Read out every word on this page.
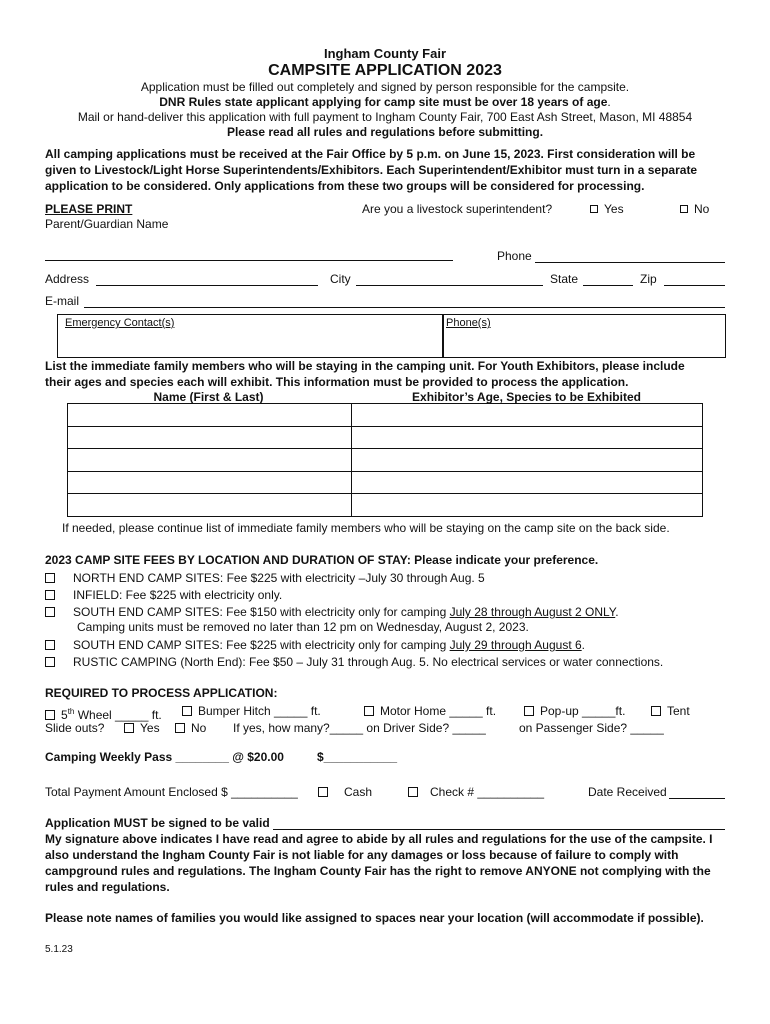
Ingham County Fair
CAMPSITE APPLICATION 2023
Application must be filled out completely and signed by person responsible for the campsite.
DNR Rules state applicant applying for camp site must be over 18 years of age.
Mail or hand-deliver this application with full payment to Ingham County Fair, 700 East Ash Street, Mason, MI 48854
Please read all rules and regulations before submitting.
All camping applications must be received at the Fair Office by 5 p.m. on June 15, 2023. First consideration will be
given to Livestock/Light Horse Superintendents/Exhibitors. Each Superintendent/Exhibitor must turn in a separate
application to be considered. Only applications from these two groups will be considered for processing.
PLEASE PRINT	Are you a livestock superintendent?	Yes	No
Parent/Guardian Name
Phone
Address	City	State	Zip
E-mail
Emergency Contact(s)	Phone(s)
List the immediate family members who will be staying in the camping unit. For Youth Exhibitors, please include
their ages and species each will exhibit. This information must be provided to process the application.
Name (First & Last)	Exhibitor’s Age, Species to be Exhibited

If needed, please continue list of immediate family members who will be staying on the camp site on the back side.
2023 CAMP SITE FEES BY LOCATION AND DURATION OF STAY: Please indicate your preference.
NORTH END CAMP SITES: Fee $225 with electricity –July 30 through Aug. 5
INFIELD: Fee $225 with electricity only.
SOUTH END CAMP SITES: Fee $150 with electricity only for camping July 28 through August 2 ONLY.
Camping units must be removed no later than 12 pm on Wednesday, August 2, 2023.
SOUTH END CAMP SITES: Fee $225 with electricity only for camping July 29 through August 6.
RUSTIC CAMPING (North End): Fee $50 – July 31 through Aug. 5. No electrical services or water connections.
REQUIRED TO PROCESS APPLICATION:
5th Wheel _____ ft.	Bumper Hitch _____ ft.	Motor Home _____ ft.	Pop-up _____ft.	Tent
Slide outs?	Yes	No If yes, how many?_____ on Driver Side? _____	on Passenger Side? _____
Camping Weekly Pass ________ @ $20.00	$___________
Total Payment Amount Enclosed $ __________	Cash	Check # __________	Date Received
Application MUST be signed to be valid
My signature above indicates I have read and agree to abide by all rules and regulations for the use of the campsite. I
also understand the Ingham County Fair is not liable for any damages or loss because of failure to comply with
campground rules and regulations. The Ingham County Fair has the right to remove ANYONE not complying with the
rules and regulations.
Please note names of families you would like assigned to spaces near your location (will accommodate if possible).
5.1.23
